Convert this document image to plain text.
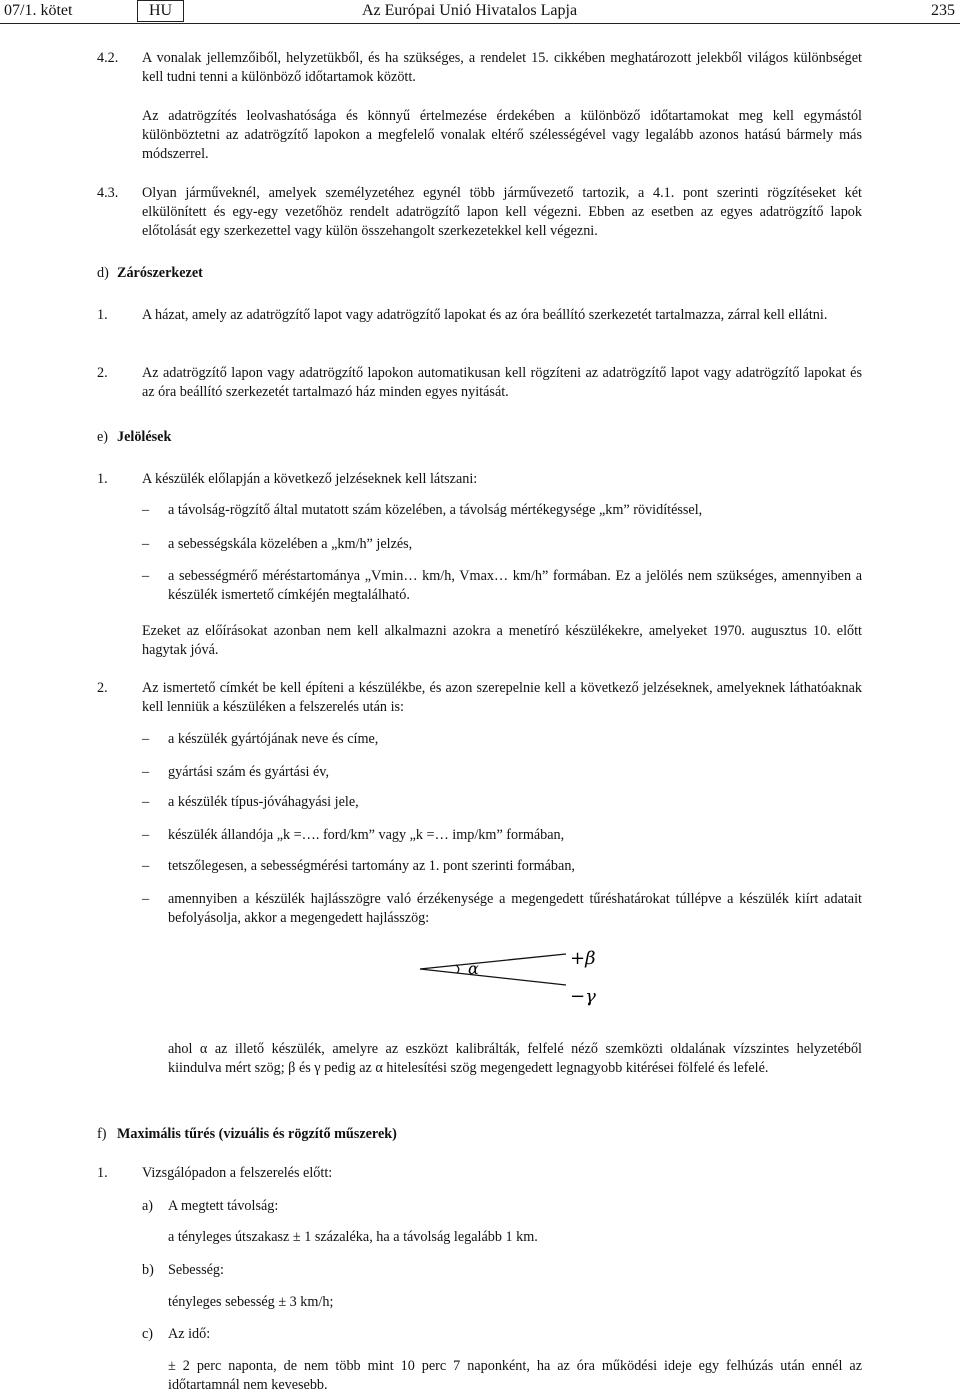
07/1. kötet	HU	Az Európai Unió Hivatalos Lapja	235
4.2. A vonalak jellemzőiből, helyzetükből, és ha szükséges, a rendelet 15. cikkében meghatározott jelekből világos különbséget kell tudni tenni a különböző időtartamok között.
Az adatrögzítés leolvashatósága és könnyű értelmezése érdekében a különböző időtartamokat meg kell egymástól különböztetni az adatrögzítő lapokon a megfelelő vonalak eltérő szélességével vagy legalább azonos hatású bármely más módszerrel.
4.3. Olyan járműveknél, amelyek személyzetéhez egynél több járművezető tartozik, a 4.1. pont szerinti rögzítéseket két elkülönített és egy-egy vezetőhöz rendelt adatrögzítő lapon kell végezni. Ebben az esetben az egyes adatrögzítő lapok előtolását egy szerkezettel vagy külön összehangolt szerkezetekkel kell végezni.
d) Zárószerkezet
1. A házat, amely az adatrögzítő lapot vagy adatrögzítő lapokat és az óra beállító szerkezetét tartalmazza, zárral kell ellátni.
2. Az adatrögzítő lapon vagy adatrögzítő lapokon automatikusan kell rögzíteni az adatrögzítő lapot vagy adatrögzítő lapokat és az óra beállító szerkezetét tartalmazó ház minden egyes nyitását.
e) Jelölések
1. A készülék előlapján a következő jelzéseknek kell látszani:
– a távolság-rögzítő által mutatott szám közelében, a távolság mértékegysége „km” rövidítéssel,
– a sebességskála közelében a „km/h” jelzés,
– a sebességmérő méréstartománya „Vmin… km/h, Vmax… km/h” formában. Ez a jelölés nem szükséges, amennyiben a készülék ismertető címkéjén megtalálható.
Ezeket az előírásokat azonban nem kell alkalmazni azokra a menetíró készülékekre, amelyeket 1970. augusztus 10. előtt hagytak jóvá.
2. Az ismertető címkét be kell építeni a készülékbe, és azon szerepelnie kell a következő jelzéseknek, amelyeknek láthatóaknak kell lenniük a készüléken a felszerelés után is:
– a készülék gyártójának neve és címe,
– gyártási szám és gyártási év,
– a készülék típus-jóváhagyási jele,
– készülék állandója „k =…. ford/km” vagy „k =… imp/km” formában,
– tetszőlegesen, a sebességmérési tartomány az 1. pont szerinti formában,
– amennyiben a készülék hajlásszögre való érzékenysége a megengedett tűréshatárokat túllépve a készülék kiírt adatait befolyásolja, akkor a megengedett hajlásszög:
α	+β
−γ
ahol α az illető készülék, amelyre az eszközt kalibrálták, felfelé néző szemközti oldalának vízszintes helyzetéből kiindulva mért szög; β és γ pedig az α hitelesítési szög megengedett legnagyobb kitérései fölfelé és lefelé.
f) Maximális tűrés (vizuális és rögzítő műszerek)
1. Vizsgálópadon a felszerelés előtt:
a) A megtett távolság:
a tényleges útszakasz ± 1 százaléka, ha a távolság legalább 1 km.
b) Sebesség:
tényleges sebesség ± 3 km/h;
c) Az idő:
± 2 perc naponta, de nem több mint 10 perc 7 naponként, ha az óra működési ideje egy felhúzás után ennél az időtartamnál nem kevesebb.
